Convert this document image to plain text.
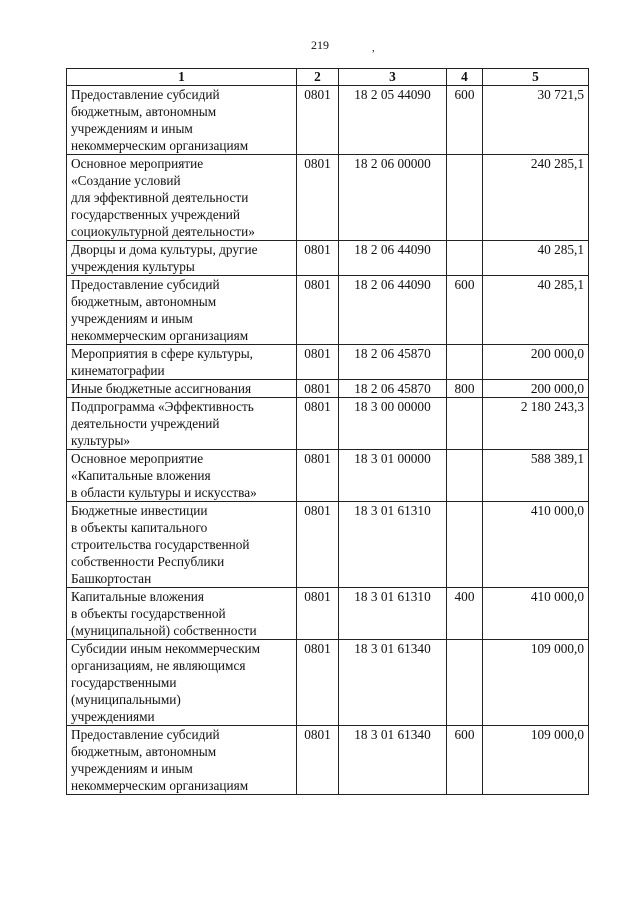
219	,
1	2	3	4	5
Предоставление субсидий
бюджетным, автономным
учреждениям и иным
некоммерческим организациям	0801	18 2 05 44090	600	30 721,5
Основное мероприятие
«Создание условий
для эффективной деятельности
государственных учреждений
социокультурной деятельности»	0801	18 2 06 00000		240 285,1
Дворцы и дома культуры, другие
учреждения культуры	0801	18 2 06 44090		40 285,1
Предоставление субсидий
бюджетным, автономным
учреждениям и иным
некоммерческим организациям	0801	18 2 06 44090	600	40 285,1
Мероприятия в сфере культуры,
кинематографии	0801	18 2 06 45870		200 000,0
Иные бюджетные ассигнования	0801	18 2 06 45870	800	200 000,0
Подпрограмма «Эффективность
деятельности учреждений
культуры»	0801	18 3 00 00000		2 180 243,3
Основное мероприятие
«Капитальные вложения
в области культуры и искусства»	0801	18 3 01 00000		588 389,1
Бюджетные инвестиции
в объекты капитального
строительства государственной
собственности Республики
Башкортостан	0801	18 3 01 61310		410 000,0
Капитальные вложения
в объекты государственной
(муниципальной) собственности	0801	18 3 01 61310	400	410 000,0
Субсидии иным некоммерческим
организациям, не являющимся
государственными
(муниципальными)
учреждениями	0801	18 3 01 61340		109 000,0
Предоставление субсидий
бюджетным, автономным
учреждениям и иным
некоммерческим организациям	0801	18 3 01 61340	600	109 000,0
